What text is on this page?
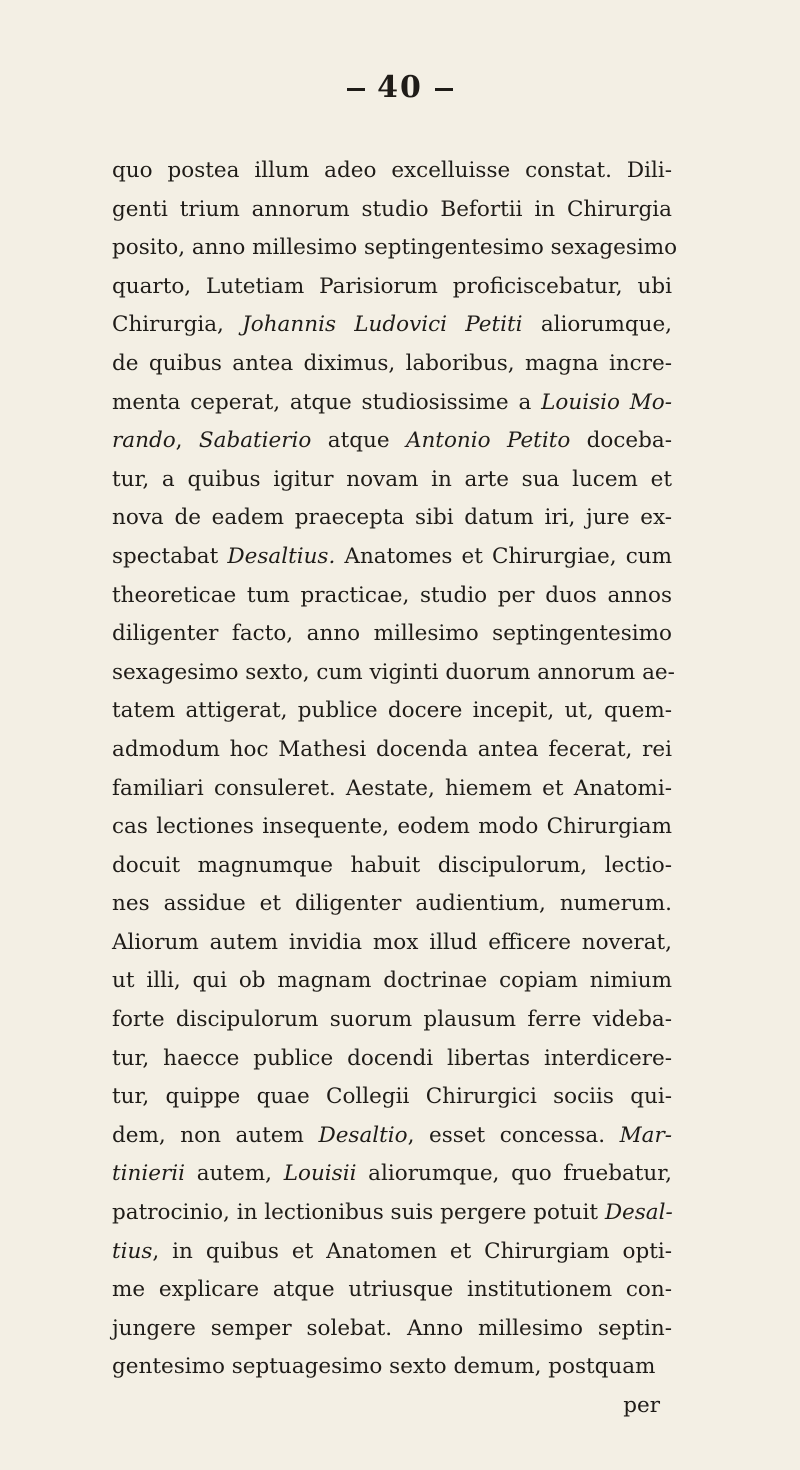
40
quo postea illum adeo excelluisse constat. Dili-
genti trium annorum studio Befortii in Chirurgia
posito, anno millesimo septingentesimo sexagesimo
quarto, Lutetiam Parisiorum proficiscebatur, ubi
Chirurgia, Johannis Ludovici Petiti aliorumque,
de quibus antea diximus, laboribus, magna incre-
menta ceperat, atque studiosissime a Louisio Mo-
rando, Sabatierio atque Antonio Petito doceba-
tur, a quibus igitur novam in arte sua lucem et
nova de eadem praecepta sibi datum iri, jure ex-
spectabat Desaltius. Anatomes et Chirurgiae, cum
theoreticae tum practicae, studio per duos annos
diligenter facto, anno millesimo septingentesimo
sexagesimo sexto, cum viginti duorum annorum ae-
tatem attigerat, publice docere incepit, ut, quem-
admodum hoc Mathesi docenda antea fecerat, rei
familiari consuleret. Aestate, hiemem et Anatomi-
cas lectiones insequente, eodem modo Chirurgiam
docuit magnumque habuit discipulorum, lectio-
nes assidue et diligenter audientium, numerum.
Aliorum autem invidia mox illud efficere noverat,
ut illi, qui ob magnam doctrinae copiam nimium
forte discipulorum suorum plausum ferre videba-
tur, haecce publice docendi libertas interdicere-
tur, quippe quae Collegii Chirurgici sociis qui-
dem, non autem Desaltio, esset concessa. Mar-
tinierii autem, Louisii aliorumque, quo fruebatur,
patrocinio, in lectionibus suis pergere potuit Desal-
tius, in quibus et Anatomen et Chirurgiam opti-
me explicare atque utriusque institutionem con-
jungere semper solebat. Anno millesimo septin-
gentesimo septuagesimo sexto demum, postquam
per
